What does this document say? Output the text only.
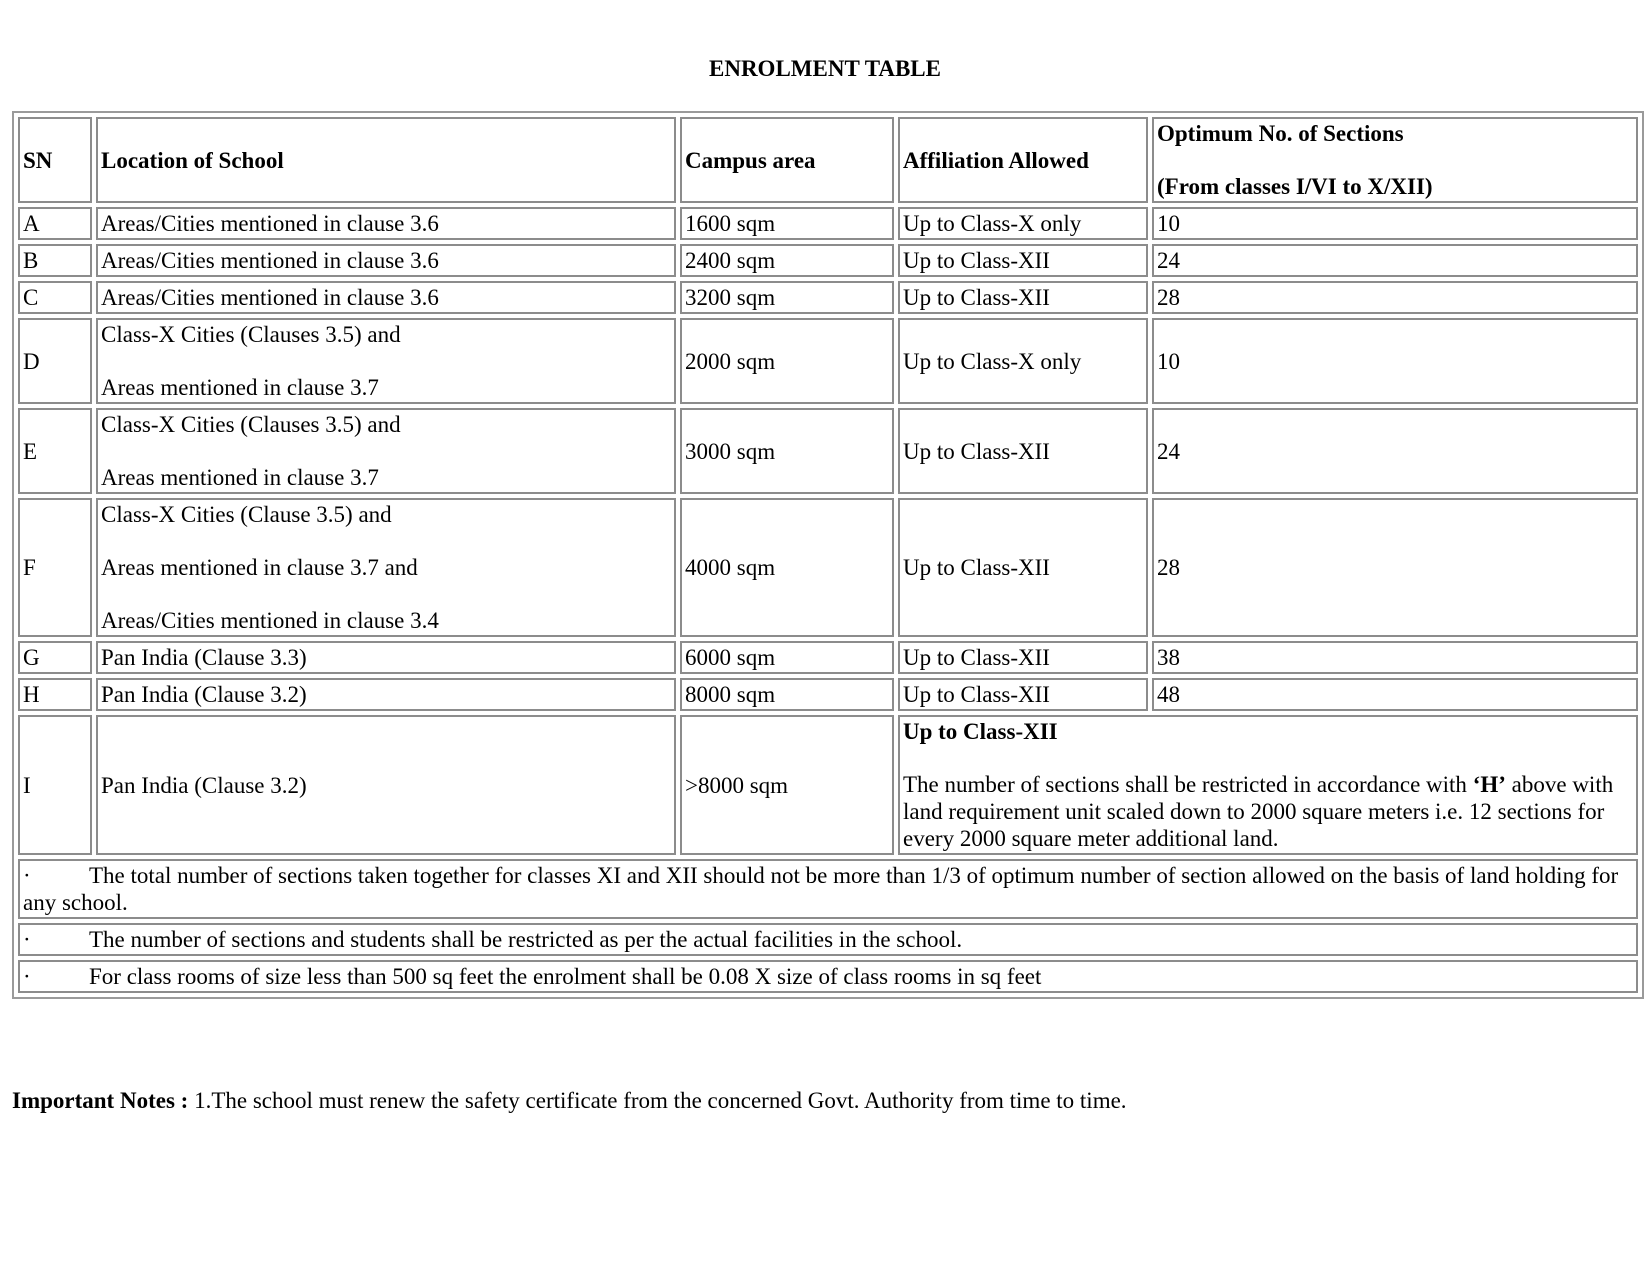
ENROLMENT TABLE
SN	Location of School	Campus area	Affiliation Allowed	Optimum No. of Sections
(From classes I/VI to X/XII)

A	Areas/Cities mentioned in clause 3.6	1600 sqm	Up to Class-X only	10
B	Areas/Cities mentioned in clause 3.6	2400 sqm	Up to Class-XII	24
C	Areas/Cities mentioned in clause 3.6	3200 sqm	Up to Class-XII	28
D	Class-X Cities (Clauses 3.5) and
Areas mentioned in clause 3.7	2000 sqm	Up to Class-X only	10
E	Class-X Cities (Clauses 3.5) and
Areas mentioned in clause 3.7	3000 sqm	Up to Class-XII	24
F	Class-X Cities (Clause 3.5) and
Areas mentioned in clause 3.7 and
Areas/Cities mentioned in clause 3.4	4000 sqm	Up to Class-XII	28
G	Pan India (Clause 3.3)	6000 sqm	Up to Class-XII	38
H	Pan India (Clause 3.2)	8000 sqm	Up to Class-XII	48
I	Pan India (Clause 3.2)	>8000 sqm	Up to Class-XII
The number of sections shall be restricted in accordance with ‘H’ above with land requirement unit scaled down to 2000 square meters i.e. 12 sections for every 2000 square meter additional land.	

· The total number of sections taken together for classes XI and XII should not be more than 1/3 of optimum number of section allowed on the basis of land holding for any school.				
· The number of sections and students shall be restricted as per the actual facilities in the school.				
· For class rooms of size less than 500 sq feet the enrolment shall be 0.08 X size of class rooms in sq feet				
Important Notes : 1.The school must renew the safety certificate from the concerned Govt. Authority from time to time.
